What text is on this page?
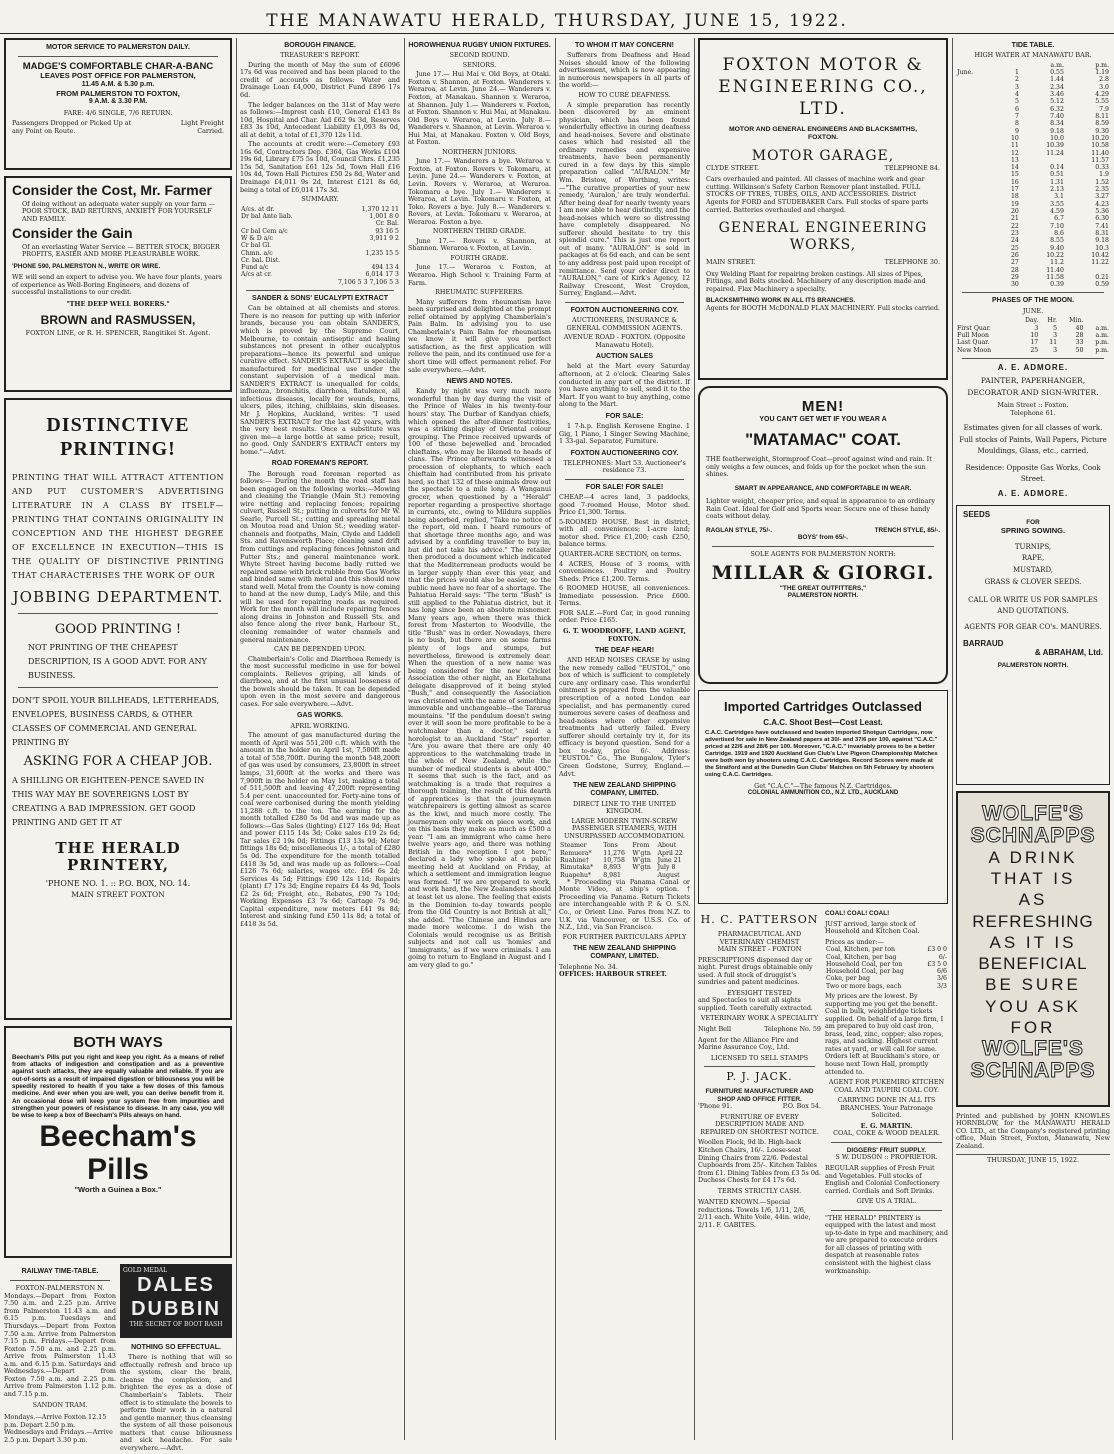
THE MANAWATU HERALD, THURSDAY, JUNE 15, 1922.
MOTOR SERVICE TO PALMERSTON DAILY.
MADGE'S COMFORTABLE CHAR-A-BANC
LEAVES POST OFFICE FOR PALMERSTON,
11.45 A.M. & 5.30 p.m.
FROM PALMERSTON TO FOXTON,
9 A.M. & 3.30 P.M.
FARE: 4/6 SINGLE, 7/6 RETURN.
Passengers Dropped or Picked Up at any Point on Route.
Light Freight Carried.
Consider the Cost, Mr. Farmer
Of doing without an adequate water supply on your farm — POOR STOCK, BAD RETURNS, ANXIETY FOR YOURSELF AND FAMILY.
Consider the Gain
Of an everlasting Water Service — BETTER STOCK, BIGGER PROFITS, EASIER AND MORE PLEASURABLE WORK.
'PHONE 590, PALMERSTON N., WRITE OR WIRE.
WE will send an expert to advise you. We have four plants, years of experience as Well-Boring Engineers, and dozens of successful installations to our credit.
"THE DEEP WELL BORERS."
BROWN and RASMUSSEN,
FOXTON LINE, or R. H. SPENCER, Rangitikei St. Agent.
DISTINCTIVE PRINTING!
PRINTING THAT WILL ATTRACT ATTENTION AND PUT CUSTOMER'S ADVERTISING LITERATURE IN A CLASS BY ITSELF—PRINTING THAT CONTAINS ORIGINALITY IN CONCEPTION AND THE HIGHEST DEGREE OF EXCELLENCE IN EXECUTION—THIS IS THE QUALITY OF DISTINCTIVE PRINTING THAT CHARACTERISES THE WORK OF OUR
JOBBING DEPARTMENT.
GOOD PRINTING !
NOT PRINTING OF THE CHEAPEST DESCRIPTION, IS A GOOD ADVT. FOR ANY BUSINESS.
DON'T SPOIL YOUR BILLHEADS, LETTERHEADS, ENVELOPES, BUSINESS CARDS, & OTHER CLASSES OF COMMERCIAL AND GENERAL PRINTING BY
ASKING FOR A CHEAP JOB.
A SHILLING OR EIGHTEEN-PENCE SAVED IN THIS WAY MAY BE SOVEREIGNS LOST BY CREATING A BAD IMPRESSION. GET GOOD PRINTING AND GET IT AT
THE HERALD PRINTERY,
'PHONE NO. 1. :: P.O. BOX, NO. 14.
MAIN STREET FOXTON
BOTH WAYS
Beecham's Pills put you right and keep you right. As a means of relief from attacks of indigestion and constipation and as a preventive against such attacks, they are equally valuable and reliable. If you are out-of-sorts as a result of impaired digestion or biliousness you will be speedily restored to health if you take a few doses of this famous medicine. And ever when you are well, you can derive benefit from it. An occasional dose will keep your system free from impurities and strengthen your powers of resistance to disease. In any case, you will be wise to keep a box of Beecham's Pills always on hand.
Beecham's Pills
"Worth a Guinea a Box."
RAILWAY TIME-TABLE.
FOXTON-PALMERSTON N.
Mondays.—Depart from Foxton 7.50 a.m. and 2.25 p.m. Arrive from Palmerston 11.43 a.m. and 6.15 p.m. Tuesdays and Thursdays.—Depart from Foxton 7.50 a.m. Arrive from Palmerston 7.15 p.m. Fridays.—Depart from Foxton 7.50 a.m. and 2.25 p.m. Arrive from Palmerston 11.43 a.m. and 6.15 p.m. Saturdays and Wednesdays.—Depart from Foxton 7.50 a.m. and 2.25 p.m. Arrive from Palmerston 1.12 p.m. and 7.15 p.m.
SANDON TRAM.
Mondays.—Arrive Foxton 12.15 p.m. Depart 2.50 p.m. Wednesdays and Fridays.—Arrive 2.5 p.m. Depart 3.30 p.m.
GOLD MEDAL
DALES DUBBIN
THE SECRET OF BOOT RASH
NOTHING SO EFFECTUAL.

There is nothing that will so effectually refresh and brace up the system, clear the brain, cleanse the complexion, and brighten the eyes as a dose of Chamberlain's Tablets. Their effect is to stimulate the bowels to perform their work in a natural and gentle manner, thus cleansing the system of all those poisonous matters that cause biliousness and sick headache. For sale everywhere.—Advt.

BOROUGH FINANCE.
TREASURER'S REPORT.

During the month of May the sum of £6096 17s 6d was received and has been placed to the credit of accounts as follows: Water and Drainage Loan £4,000, District Fund £896 17s 6d.

The ledger balances on the 31st of May were as follows:—Imprest cash £10, General £143 8s 10d, Hospital and Char. Aid £62 9s 3d, Reserves £83 3s 10d, Antecedent Liability £1,093 8s 0d, all at debit, a total of £1,370 12s 11d.

The accounts at credit were:—Cemetery £93 16s 6d, Contractors Dep. £364, Gas Works £104 19s 6d, Library £75 5s 10d, Council Chrs. £1,235 15s 5d, Sanitation £61 12s 5d, Town Hall £16 10s 4d, Town Hall Pictures £50 2s 8d, Water and Drainage £4,011 9s 2d, Interest £121 8s 6d, being a total of £6,014 17s 3d.

SUMMARY.
A/cs. at dr.	1,370 12 11
Dr bal Ante liab.	1,001 8 0
	Cr. Bal.
Cr bal Cem a/c	93 16 5
W & D a/c	3,911 9 2
Cr bal Gl.	
Chmn. a/c	1,235 15 5
Cr. bal. Dist.	
Fund a/c	494 13 4
A/cs at cr.	6,014 17 3
	7,106 5 3 7,106 5 3
SANDER & SONS' EUCALYPTI EXTRACT

Can be obtained at all chemists and stores. There is no reason for putting up with inferior brands, because you can obtain SANDER'S, which is proved by the Supreme Court, Melbourne, to contain antiseptic and healing substances not present in other eucalyptus preparations—hence its powerful and unique curative effect. SANDER'S EXTRACT is specially manufactured for medicinal use under the constant supervision of a medical man. SANDER'S EXTRACT is unequalled for colds, influenza, bronchitis, diarrhoea, flatulence, all infectious diseases, locally for wounds, burns, ulcers, piles, itching, chilblains, skin diseases. Mr J. Hopkins, Auckland, writes: "I used SANDER'S EXTRACT for the last 42 years, with the very best results. Once a substitute was given me—a large bottle at same price; result, no good. Only SANDER'S EXTRACT enters my home."—Advt.

ROAD FOREMAN'S REPORT.

The Borough road foreman reported as follows:— During the month the road staff has been engaged on the following works:—Mowing and cleaning the Triangle (Main St.) removing wire netting and replacing fences; repairing culvert, Russell St.; putting in culverts for Mr W. Searle, Purcell St.; cutting and spreading metal on Moutoa road and Union St.; weeding water-channels and footpaths, Main, Clyde and Liddell Sts. and Ravensworth Place; cleaning sand drift from cuttings and replacing fences Johnston and Futter Sts.; and general maintenance work. Whyte Street having become badly rutted we repaired same with brick rubble from Gas Works and binded same with metal and this should now stand well. Metal from the County is now coming to hand at the new dump, Lady's Mile, and this will be used for repairing roads as required. Work for the month will include repairing fences along drains in Johnston and Russell Sts. and also fence along the river bank, Harbour St., cleaning remainder of water channels and general maintenance.

CAN BE DEPENDED UPON.

Chamberlain's Colic and Diarrhoea Remedy is the most successful medicine in use for bowel complaints. Relieves griping, all kinds of diarrhoea, and at the first unusual looseness of the bowels should be taken. It can be depended upon even in the most severe and dangerous cases. For sale everywhere.—Advt.

GAS WORKS.
APRIL WORKING.

The amount of gas manufactured during the month of April was 551,200 c.ft. which with the amount in the holder on April 1st, 7,500ft made a total of 558,700ft. During the month 548,200ft of gas was used by consumers, 23,800ft in street lamps, 31,600ft at the works and there was 7,900ft in the holder on May 1st, making a total of 511,500ft and leaving 47,200ft representing 5.4 per cent. unaccounted for. Forty-nine tons of coal were carbonised during the month yielding 11,288 c.ft. to the ton. The earning for the month totalled £280 5s 0d and was made up as follows:—Gas Sales (lighting) £127 16s 9d; Heat and power £115 14s 3d; Coke sales £19 2s 6d; Tar sales £2 19s 0d; Fittings £13 13s 9d; Meter fittings 18s 6d; miscellaneous 1/-, a total of £280 5s 0d. The expenditure for the month totalled £418 3s 5d, and was made up as follows:—Coal £126 7s 6d; salaries, wages etc. £64 6s 2d; Services 4s 5d; Fittings £90 12s 11d; Repairs (plant) £7 17s 3d; Engine repairs £4 4s 9d, Tools £2 2s 6d; Freight, etc., Rebates, £90 7s 10d; Working Expenses £3 7s 6d; Cartage 7s 9d; Capital expenditure, new meters £41 9s 8d; Interest and sinking fund £50 11s 8d; a total of £418 3s 5d.

HOROWHENUA RUGBY UNION FIXTURES.
SECOND ROUND.
SENIORS.

June 17.— Hui Mai v. Old Boys, at Otaki. Foxton v. Shannon, at Foxton. Wanderers v. Weraroa, at Levin. June 24.— Wanderers v. Foxton, at Manakau. Shannon v. Weraroa, at Shannon. July 1.— Wanderers v. Foxton, at Foxton. Shannon v. Hui Mai, at Manakau. Old Boys v. Weraroa, at Levin. July 8.— Wanderers v. Shannon, at Levin. Weraroa v. Hui Mai, at Manakau. Foxton v. Old Boys, at Foxton.

NORTHERN JUNIORS.

June 17.— Wanderers a bye. Weraroa v. Foxton, at Foxton. Rovers v. Tokomaru, at Levin. June 24.— Wanderers v. Foxton, at Levin. Rovers v. Weraroa, at Weraroa. Tokomaru a bye. July 1.— Wanderers v. Weraroa, at Levin. Tokomaru v. Foxton, at Toko. Rovers a bye. July 8.— Wanderers v. Rovers, at Levin. Tokomaru v. Weraroa, at Weraroa. Foxton a bye.

NORTHERN THIRD GRADE.

June 17.— Rovers v. Shannon, at Shannon. Weraroa v. Foxton, at Levin.

FOURTH GRADE.

June 17.— Weraroa v. Foxton, at Weraroa. High School v. Training Farm at Farm.

RHEUMATIC SUFFERERS.

Many sufferers from rheumatism have been surprised and delighted at the prompt relief obtained by applying Chamberlain's Pain Balm. In advising you to use Chamberlain's Pain Balm for rheumatism we know it will give you perfect satisfaction, as the first application will relieve the pain, and its continued use for a short time will effect permanent relief. For sale everywhere.—Advt.

NEWS AND NOTES.

Kandy by night was very much more wonderful than by day during the visit of the Prince of Wales in his twenty-four hours' stay. The Durbar of Kandyan chiefs, which opened the after-dinner festivities, was a striking display of Oriental colour grouping. The Prince received upwards of 100 of these bejewelled and brocaded chieftains, who may be likened to heads of clans. The Prince afterwards witnessed a procession of elephants, to which each chieftain had contributed from his private herd, so that 132 of these animals drew out the spectacle to a mile long. A Wanganui grocer, when questioned by a "Herald" reporter regarding a prospective shortage in currants, etc., owing to Mildura supplies being absorbed, replied, "Take no notice of the report, old man. I heard rumours of that shortage three months ago, and was advised by a confiding traveller to buy in, but did not take his advice." The retailer then produced a document which indicated that the Mediterranean products would be in larger supply than ever this year, and that the prices would also be easier, so the public need have no fear of a shortage. The Pahiatua Herald says: "The term "Bush" is still applied to the Pahiatua district, but it has long since been an absolute misnomer. Many years ago, when there was thick forest from Masterton to Woodville, the title "Bush" was in order. Nowadays, there is no bush, but there are on some farms plenty of logs and stumps, but nevertheless, firewood is extremely dear. When the question of a new name was being considered for the new Cricket Association the other night, an Eketahuna delegate disapproved of it being styled "Bush," and consequently the Association was christened with the name of something immovable and unchangeable—the Tararua mountains. "If the pendulum doesn't swing over it will soon be more profitable to be a watchmaker than a doctor," said a horologist to an Auckland "Star" reporter. "Are you aware that there are only 40 apprentices to the watchmaking trade in the whole of New Zealand, while the number of medical students is about 400." It seems that such is the fact, and as watchmaking is a trade that requires a thorough training, the result of this dearth of apprentices is that the journeymen watchrepairers is getting almost as scarce as the kiwi, and much more costly. The journeymen only work on piece work, and on this basis they make as much as £500 a year. "I am an immigrant who came here twelve years ago, and there was nothing British in the reception I got here," declared a lady who spoke at a public meeting held at Auckland on Friday, at which a settlement and immigration league was formed. "If we are prepared to work, and work hard, the New Zealanders should at least let us alone. The feeling that exists in the Dominion to-day towards people from the Old Country is not British at all," she added. "The Chinese and Hindus are made more welcome. I do wish the Colonials would recognise us as British subjects and not call us 'homies' and 'immigrants,' as if we were criminals. I am going to return to England in August and I am very glad to go."

TO WHOM IT MAY CONCERN!

Sufferers from Deafness and Head Noises should know of the following advertisement, which is now appearing in numerous newspapers in all parts of the world:—

HOW TO CURE DEAFNESS.

A simple preparation has recently been discovered by an eminent physician, which has been found wonderfully effective in curing deafness and head-noises. Severe and obstinate cases which had resisted all the ordinary remedies and expensive treatments, have been permanently cured in a few days by this simple preparation called "AURALON." Mr Wm. Bristow, of Worthing, writes:—"The curative properties of your new remedy, 'Auralon,' are truly wonderful. After being deaf for nearly twenty years I am now able to hear distinctly, and the head-noises which were so distressing have completely disappeared. No sufferer should hesitate to try this splendid cure." This is just one report out of many. "AURALON" is sold in packages at 6s 6d each, and can be sent to any address post paid upon receipt of remittance. Send your order direct to "AURALON," care of Kirk's Agency, 12 Railway Crescent, West Croydon, Surrey, England.—Advt.

FOXTON AUCTIONEERING COY.
AUCTIONEERS, INSURANCE & GENERAL COMMISSION AGENTS.
AVENUE ROAD - FOXTON. (Opposite Manawatu Hotel).
AUCTION SALES

held at the Mart every Saturday afternoon, at 2 o'clock. Clearing Sales conducted in any part of the district. If you have anything to sell, send it to the Mart. If you want to buy anything, come along to the Mart.

FOR SALE:

1 7-h.p. English Kerosene Engine. 1 Gig, 1 Piano, 1 Singer Sewing Machine, 1 33-gal. Separator, Furniture.

FOXTON AUCTIONEERING COY.
TELEPHONES: Mart 53. Auctioneer's residence 73.
FOR SALE! FOR SALE!

CHEAP.—4 acres land, 3 paddocks, good 7-roomed House, Motor shed. Price £1,300. Terms.

5-ROOMED HOUSE. Best in district, with all conveniences; 1-acre land; motor shed. Price £1,200; cash £250, balance terms.

QUARTER-ACRE SECTION, on terms.

4 ACRES, House of 3 rooms, with conveniences. Poultry and Poultry Sheds. Price £1,200. Terms.

6 ROOMED HOUSE, all conveniences. Immediate possession. Price £600. Terms.

FOR SALE.—Ford Car, in good running order. Price £165.

G. T. WOODROOFE, LAND AGENT, FOXTON.
THE DEAF HEAR!

AND HEAD NOISES CEASE by using the new remedy called "EUSTOL," one box of which is sufficient to completely cure any ordinary case. This wonderful ointment is prepared from the valuable prescription of a noted London ear specialist, and has permanently cured numerous severe cases of deafness and head-noises where other expensive treatments had utterly failed. Every sufferer should certainly try it, for its efficacy is beyond question. Send for a box to-day, price 6/-. Address: "EUSTOL" Co., The Bungalow, Tyler's Green Godstone, Surrey, England.—Advt.

THE NEW ZEALAND SHIPPING COMPANY, LIMITED.
DIRECT LINE TO THE UNITED KINGDOM.
LARGE MODERN TWIN-SCREW PASSENGER STEAMERS, WITH UNSURPASSED ACCOMMODATION.
Steamer	Tons	From	About
Remuera*	11,276	W'gtn	April 22
Ruahine†	10,758	W'gtn	June 21
Rimutaka*	8,893	W'gtn	July 8
Ruapehu*	8,981		August

* Proceeding via Panama Canal or Monte Video, at ship's option. † Proceeding via Panama. Return Tickets are interchangeable with P. & O. S.N. Co., or Orient Line. Fares from N.Z. to U.K. via Vancouver, or U.S.S. Co. of N.Z., Ltd., via San Francisco.

FOR FURTHER PARTICULARS APPLY
THE NEW ZEALAND SHIPPING COMPANY, LIMITED.
Telephone No. 34.
OFFICES: HARBOUR STREET.
FOXTON MOTOR & ENGINEERING CO., LTD.
MOTOR AND GENERAL ENGINEERS AND BLACKSMITHS,
FOXTON.
MOTOR GARAGE,
CLYDE STREET.	TELEPHONE 84.
Cars overhauled and painted. All classes of machine work and gear cutting. Wilkinson's Safety Carbon Remover plant installed. FULL STOCKS OF TYRES, TUBES, OILS, AND ACCESSORIES. District Agents for FORD and STUDEBAKER Cars. Full stocks of spare parts carried. Batteries overhauled and charged.
GENERAL ENGINEERING WORKS,
MAIN STREET.	TELEPHONE 30.
Oxy Welding Plant for repairing broken castings. All sizes of Pipes, Fittings, and Bolts stocked. Machinery of any description made and repaired. Flax Machinery a specialty.
BLACKSMITHING WORK IN ALL ITS BRANCHES.
Agents for BOOTH McDONALD FLAX MACHINERY. Full stocks carried.
MEN!
YOU CAN'T GET WET IF YOU WEAR A
"MATAMAC" COAT.
THE featherweight, Stormproof Coat—proof against wind and rain. It only weighs a few ounces, and folds up for the pocket when the sun shines.
SMART IN APPEARANCE, AND COMFORTABLE IN WEAR.
Lighter weight, cheaper price, and equal in appearance to an ordinary Rain Coat. Ideal for Golf and Sports wear. Secure one of these handy coats without delay.
RAGLAN STYLE, 75/-.	TRENCH STYLE, 85/-.
BOYS' from 65/-.
SOLE AGENTS FOR PALMERSTON NORTH:
MILLAR & GIORGI.
"THE GREAT OUTFITTERS,"
PALMERSTON NORTH.
Imported Cartridges Outclassed
C.A.C. Shoot Best—Cost Least.
C.A.C. Cartridges have outclassed and beaten imported Shotgun Cartridges, now advertised for sale in New Zealand papers at 30/- and 37/6 per 100, against "C.A.C." priced at 22/6 and 28/6 per 100. Moreover, "C.A.C." invariably proves to be a better Cartridge. 1919 and 1920 Auckland Gun Club's Live Pigeon Championship Matches were both won by shooters using C.A.C. Cartridges. Record Scores were made at the Stratford and at the Dunedin Gun Clubs' Matches on 5th February by shooters using C.A.C. Cartridges.
Get "C.A.C."—The famous N.Z. Cartridges.
COLONIAL AMMUNITION CO., N.Z. LTD., AUCKLAND
H. C. PATTERSON
PHARMACEUTICAL AND VETERINARY CHEMIST
MAIN STREET - FOXTON
PRESCRIPTIONS dispensed day or night. Purest drugs obtainable only used. A full stock of druggist's sundries and patent medicines.
EYESIGHT TESTED
and Spectacles to suit all sights supplied. Teeth carefully extracted.
VETERINARY WORK A SPECIALITY
Night Bell	Telephone No. 59
Agent for the Alliance Fire and Marine Assurance Coy., Ltd.
LICENSED TO SELL STAMPS
P. J. JACK.
FURNITURE MANUFACTURER AND SHOP AND OFFICE FITTER.
'Phone 91.	P.O. Box 54.
FURNITURE OF EVERY DESCRIPTION MADE AND REPAIRED ON SHORTEST NOTICE.
Woollen Flock, 9d lb. High-back Kitchen Chairs, 16/-. Loose-seat Dining Chairs from 22/6. Pedestal Cupboards from 25/-. Kitchen Tables from £1. Dining Tables from £3 5s 0d. Duchess Chests for £4 17s 6d.
TERMS STRICTLY CASH.
WANTED KNOWN.—Special reductions. Towels 1/6, 1/11, 2/6, 2/11 each. White Voile, 44in. wide, 2/11. F. GABITES.
COAL! COAL! COAL!
JUST arrived, large stock of Household and Kitchen Coal.
Prices as under:—
Coal, Kitchen, per ton	£3 0 0
Coal, Kitchen, per bag	6/-
Household Coal, per ton	£3 5 0
Household Coal, per bag	6/6
Coke, per bag	3/6
Two or more bags, each	3/3
My prices are the lowest. By supporting me you get the benefit. Coal in bulk, weighbridge tickets supplied. On behalf of a large firm, I am prepared to buy old cast iron, brass, lead, zinc, copper; also ropes, rags, and sacking. Highest current rates at yard, or will call for same. Orders left at Bauckham's store, or house next Town Hall, promptly attended to.
AGENT FOR PUKEMIRO KITCHEN COAL AND TAUPIRI COAL COY.
CARRYING DONE IN ALL ITS BRANCHES. Your Patronage Solicited.
E. G. MARTIN.
COAL, COKE & WOOD DEALER.
DIGGERS' FRUIT SUPPLY.
S W. DUDSON :: PROPRIETOR.
REGULAR supplies of Fresh Fruit and Vegetables. Full stocks of English and Colonial Confectionery carried. Cordials and Soft Drinks.
GIVE US A TRIAL.
"THE HERALD" PRINTERY is equipped with the latest and most up-to-date in type and machinery, and we are prepared to execute orders for all classes of printing with despatch at reasonable rates consistent with the highest class workmanship.
TIDE TABLE.
HIGH WATER AT MANAWATU BAR.
		a.m.	p.m.
June.	1	0.55	1.19
	2	1.44	2.8
	3	2.34	3.0
	4	3.46	4.29
	5	5.12	5.55
	6	6.32	7.9
	7	7.40	8.11
	8	8.34	8.59
	9	9.18	9.30
	10	10.0	10.20
	11	10.39	10.58
	12	11.24	11.40
	13		11.57
	14	0.14	0.33
	15	0.51	1.9
	16	1.31	1.52
	17	2.13	2.35
	18	3.1	3.27
	19	3.55	4.23
	20	4.59	5.36
	21	6.7	6.30
	22	7.10	7.41
	23	8.6	8.31
	24	8.55	9.18
	25	9.40	10.3
	26	10.22	10.42
	27	11.2	11.22
	28	11.40	
	29	11.58	0.21
	30	0.39	0.59
PHASES OF THE MOON.
JUNE.
	Day.	Hr.	Min.	
First Quar.	3	5	40	a.m.
Full Moon	10	3	28	a.m.
Last Quar.	17	11	33	p.m.
New Moon	25	3	50	p.m.
A. E. ADMORE.
PAINTER, PAPERHANGER, DECORATOR AND SIGN-WRITER.
Main Street :: Foxton.
Telephone 61.
Estimates given for all classes of work. Full stocks of Paints, Wall Papers, Picture Mouldings, Glass, etc., carried.
Residence: Opposite Gas Works, Cook Street.
A. E. ADMORE.
SEEDS
FOR
SPRING SOWING.
TURNIPS,
RAPE,
MUSTARD,
GRASS & CLOVER SEEDS.
CALL OR WRITE US FOR SAMPLES AND QUOTATIONS.
AGENTS FOR GEAR CO's. MANURES.
BARRAUD
& ABRAHAM, Ltd.
PALMERSTON NORTH.
WOLFE'S
SCHNAPPS
A DRINK
THAT IS
AS
REFRESHING
AS IT IS
BENEFICIAL
BE SURE
YOU ASK
FOR
WOLFE'S
SCHNAPPS
Printed and published by JOHN KNOWLES HORNBLOW, for the MANAWATU HERALD CO. LTD., at the Company's registered printing office, Main Street, Foxton, Manawatu, New Zealand.
THURSDAY, JUNE 15, 1922.
